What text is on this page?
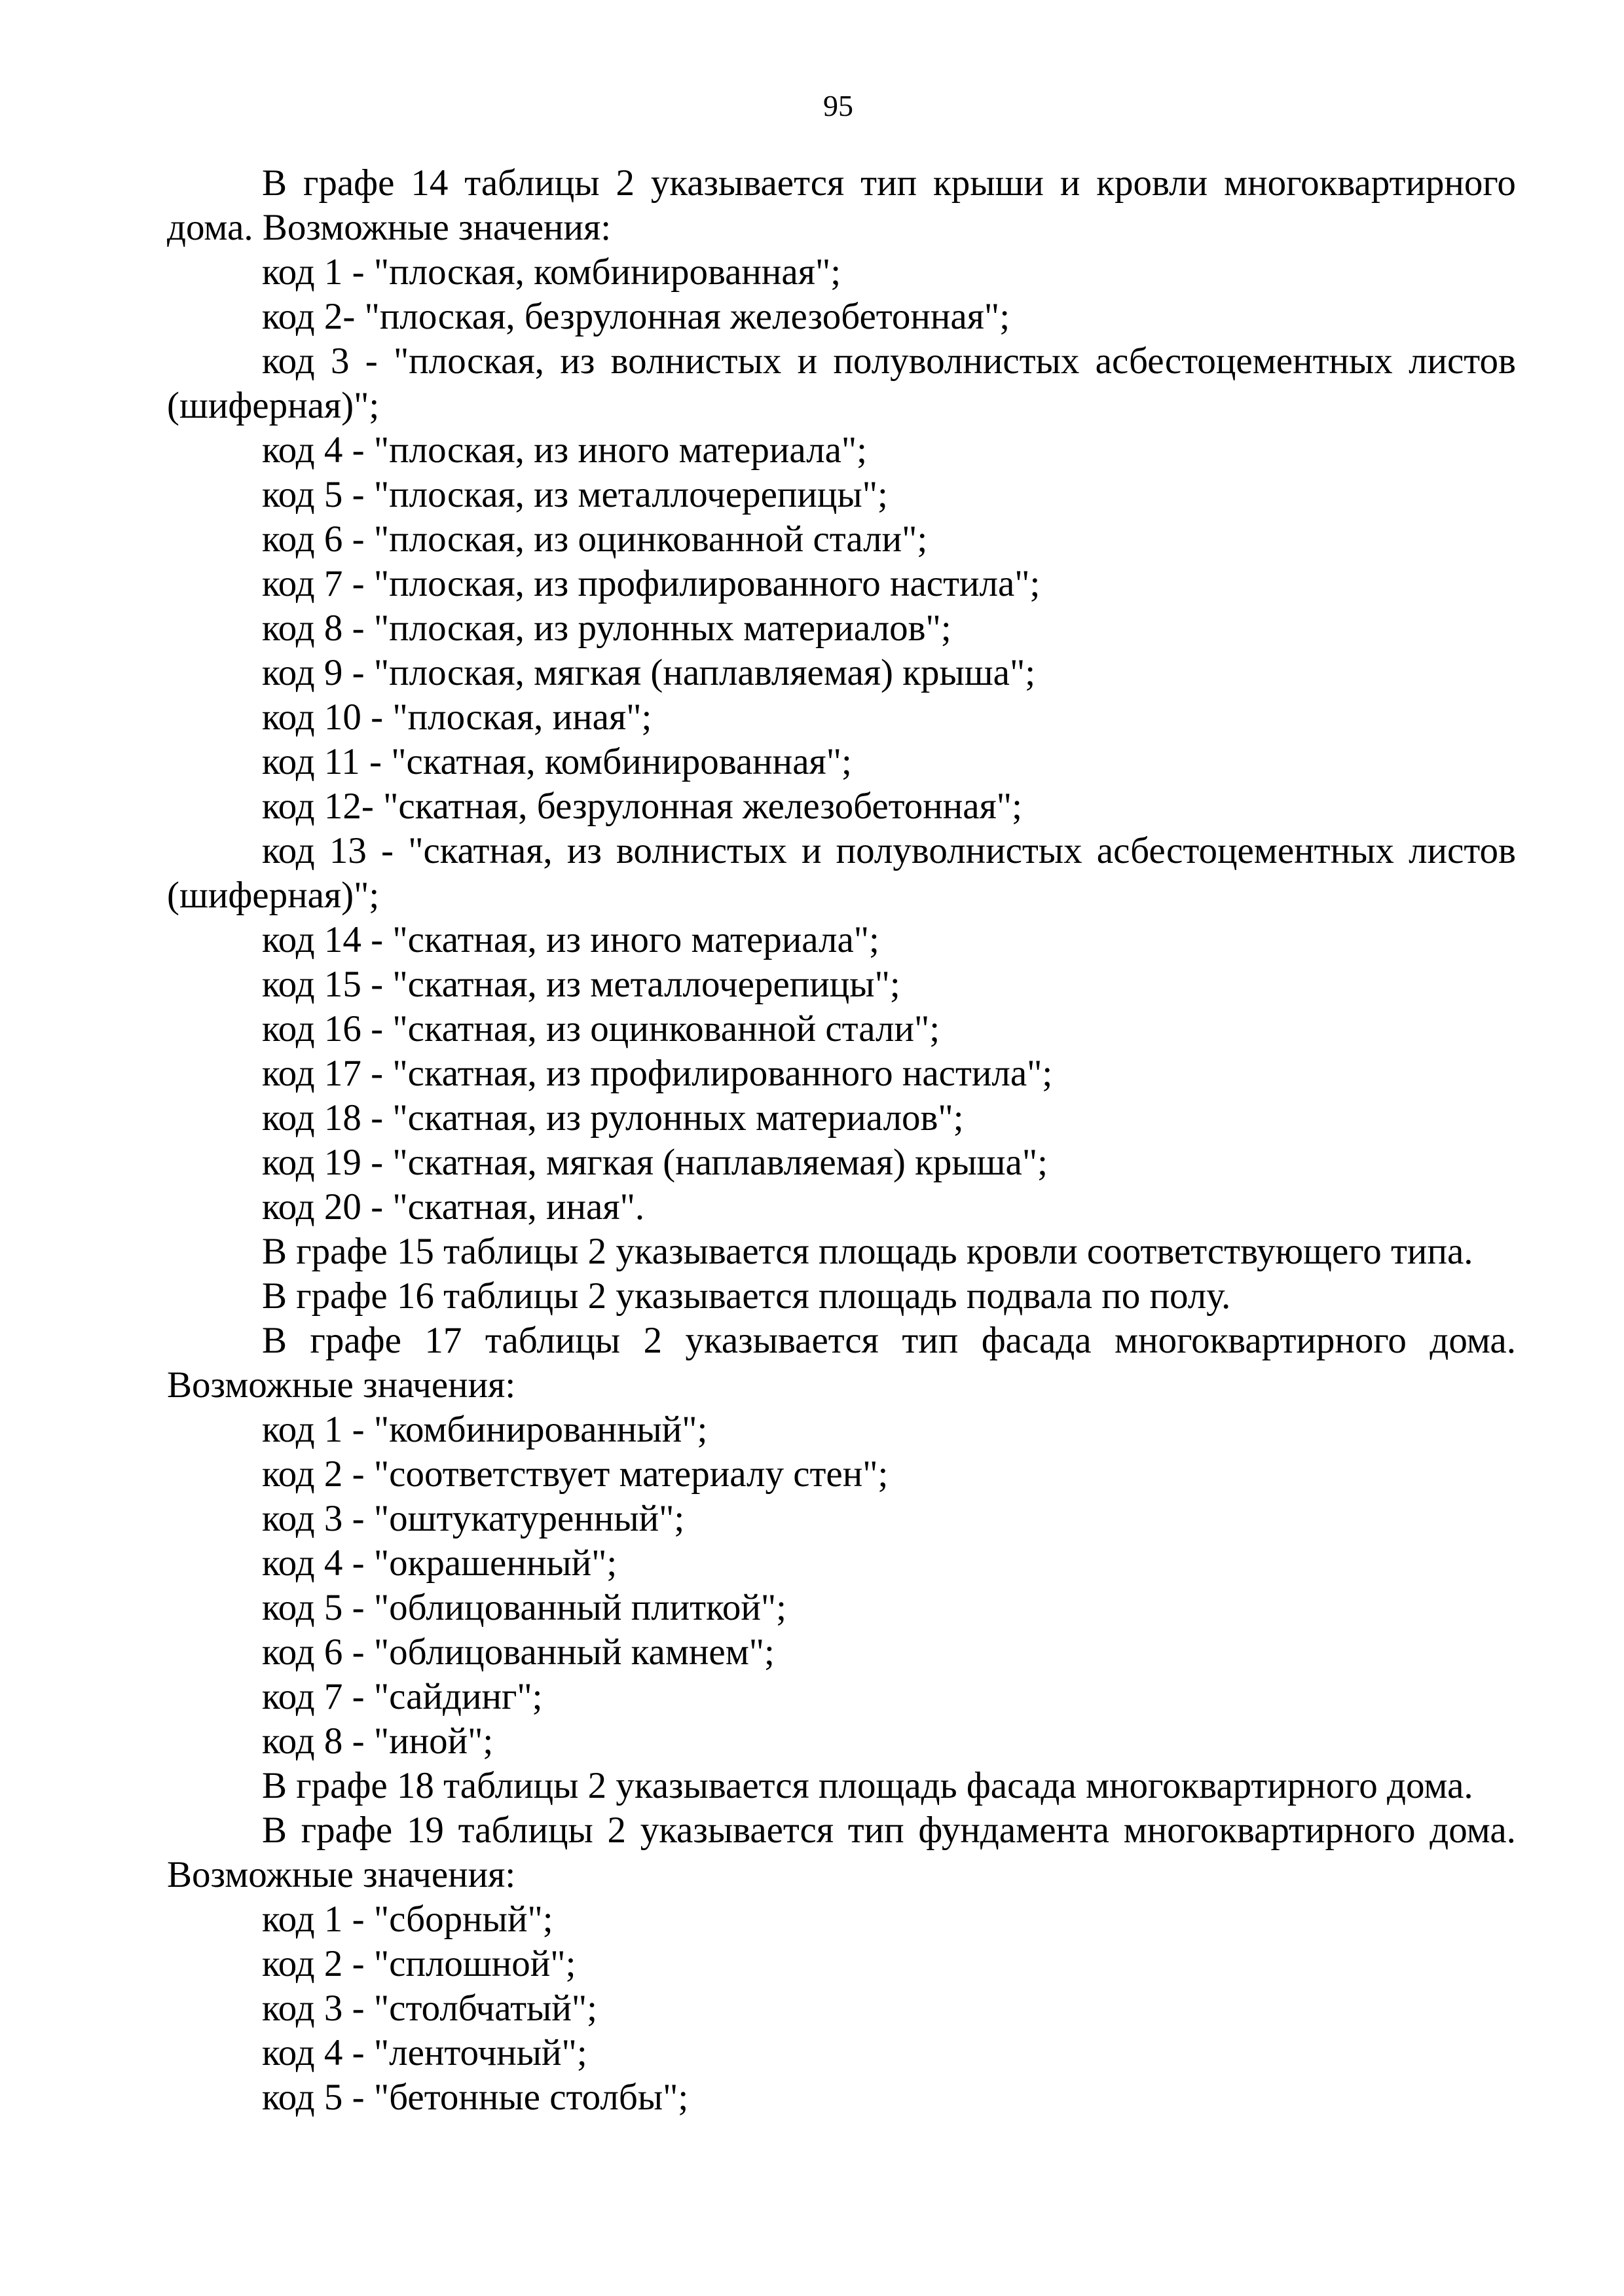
95
В графе 14 таблицы 2 указывается тип крыши и кровли многоквартирного
дома. Возможные значения:
код 1 - "плоская, комбинированная";
код 2- "плоская, безрулонная железобетонная";
код 3 - "плоская, из волнистых и полуволнистых асбестоцементных листов
(шиферная)";
код 4 - "плоская, из иного материала";
код 5 - "плоская, из металлочерепицы";
код 6 - "плоская, из оцинкованной стали";
код 7 - "плоская, из профилированного настила";
код 8 - "плоская, из рулонных материалов";
код 9 - "плоская, мягкая (наплавляемая) крыша";
код 10 - "плоская, иная";
код 11 - "скатная, комбинированная";
код 12- "скатная, безрулонная железобетонная";
код 13 - "скатная, из волнистых и полуволнистых асбестоцементных листов
(шиферная)";
код 14 - "скатная, из иного материала";
код 15 - "скатная, из металлочерепицы";
код 16 - "скатная, из оцинкованной стали";
код 17 - "скатная, из профилированного настила";
код 18 - "скатная, из рулонных материалов";
код 19 - "скатная, мягкая (наплавляемая) крыша";
код 20 - "скатная, иная".
В графе 15 таблицы 2 указывается площадь кровли соответствующего типа.
В графе 16 таблицы 2 указывается площадь подвала по полу.
В графе 17 таблицы 2 указывается тип фасада многоквартирного дома.
Возможные значения:
код 1 - "комбинированный";
код 2 - "соответствует материалу стен";
код 3 - "оштукатуренный";
код 4 - "окрашенный";
код 5 - "облицованный плиткой";
код 6 - "облицованный камнем";
код 7 - "сайдинг";
код 8 - "иной";
В графе 18 таблицы 2 указывается площадь фасада многоквартирного дома.
В графе 19 таблицы 2 указывается тип фундамента многоквартирного дома.
Возможные значения:
код 1 - "сборный";
код 2 - "сплошной";
код 3 - "столбчатый";
код 4 - "ленточный";
код 5 - "бетонные столбы";
